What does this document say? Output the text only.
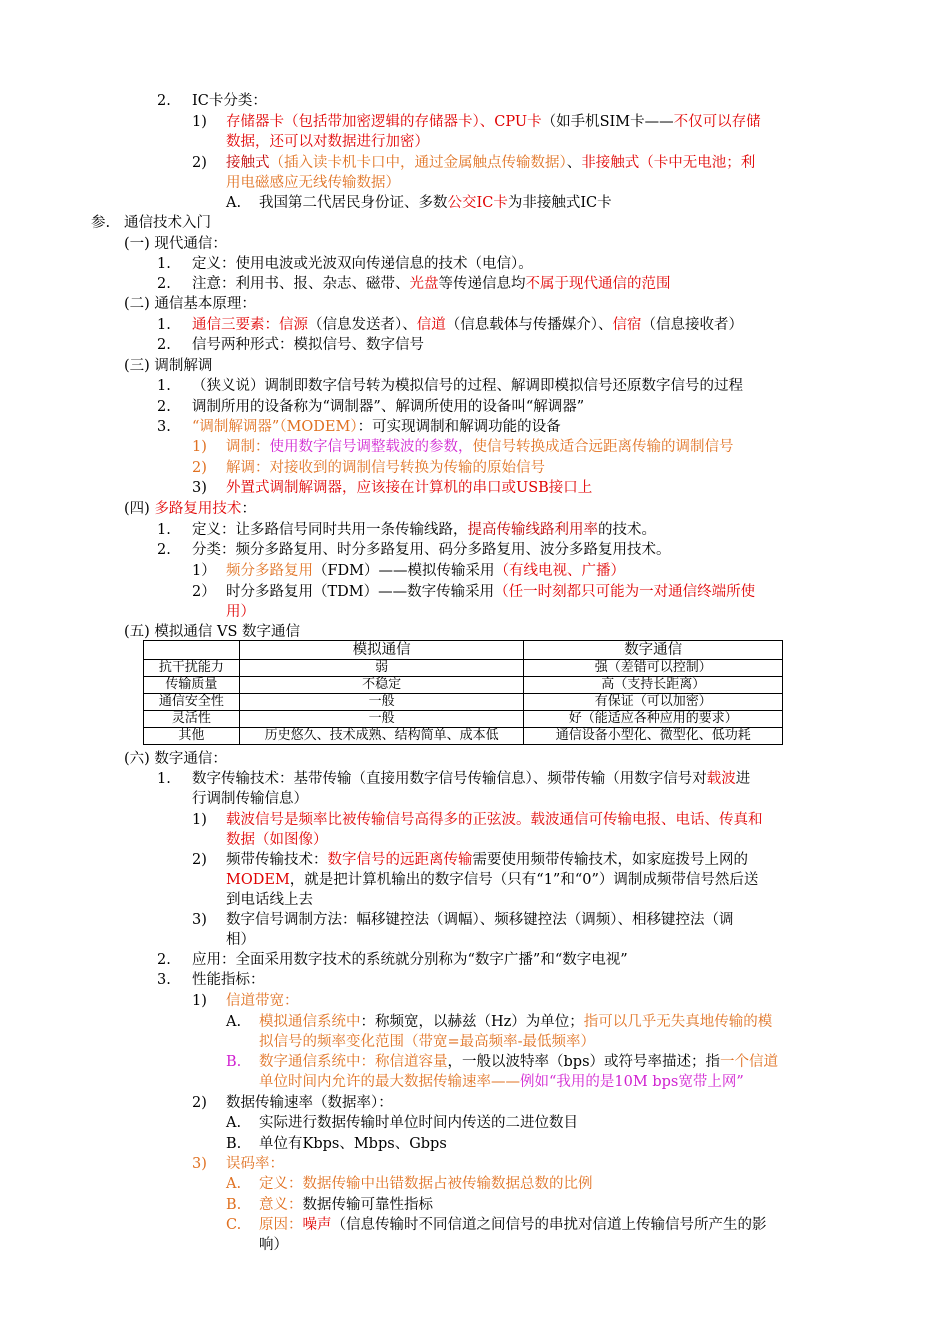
2. IC卡分类：
1) 存储器卡（包括带加密逻辑的存储器卡）、CPU卡（如手机SIM卡——不仅可以存储
数据，还可以对数据进行加密）
2) 接触式（插入读卡机卡口中，通过金属触点传输数据）、非接触式（卡中无电池；利
用电磁感应无线传输数据）
A. 我国第二代居民身份证、多数公交IC卡为非接触式IC卡
参. 通信技术入门
(一) 现代通信：
1. 定义：使用电波或光波双向传递信息的技术（电信）。
2. 注意：利用书、报、杂志、磁带、光盘等传递信息均不属于现代通信的范围
(二) 通信基本原理：
1. 通信三要素：信源（信息发送者）、信道（信息载体与传播媒介）、信宿（信息接收者）
2. 信号两种形式：模拟信号、数字信号
(三) 调制解调
1. （狭义说）调制即数字信号转为模拟信号的过程、解调即模拟信号还原数字信号的过程
2. 调制所用的设备称为“调制器”、解调所使用的设备叫“解调器”
3. “调制解调器”（MODEM）：可实现调制和解调功能的设备
1) 调制：使用数字信号调整载波的参数，使信号转换成适合远距离传输的调制信号
2) 解调：对接收到的调制信号转换为传输的原始信号
3) 外置式调制解调器，应该接在计算机的串口或USB接口上
(四) 多路复用技术：
1. 定义：让多路信号同时共用一条传输线路，提高传输线路利用率的技术。
2. 分类：频分多路复用、时分多路复用、码分多路复用、波分多路复用技术。
1） 频分多路复用（FDM）——模拟传输采用（有线电视、广播）
2） 时分多路复用（TDM）——数字传输采用（任一时刻都只可能为一对通信终端所使
用）
(五) 模拟通信 VS 数字通信
	模拟通信	数字通信
抗干扰能力	弱	强（差错可以控制）
传输质量	不稳定	高（支持长距离）
通信安全性	一般	有保证（可以加密）
灵活性	一般	好（能适应各种应用的要求）
其他	历史悠久、技术成熟、结构简单、成本低	通信设备小型化、微型化、低功耗
(六) 数字通信：
1. 数字传输技术：基带传输（直接用数字信号传输信息）、频带传输（用数字信号对载波进
行调制传输信息）
1) 载波信号是频率比被传输信号高得多的正弦波。载波通信可传输电报、电话、传真和
数据（如图像）
2) 频带传输技术：数字信号的远距离传输需要使用频带传输技术，如家庭拨号上网的
MODEM，就是把计算机输出的数字信号（只有“1”和“0”）调制成频带信号然后送
到电话线上去
3) 数字信号调制方法：幅移键控法（调幅）、频移键控法（调频）、相移键控法（调
相）
2. 应用：全面采用数字技术的系统就分别称为“数字广播”和“数字电视”
3. 性能指标：
1) 信道带宽：
A. 模拟通信系统中：称频宽，以赫兹（Hz）为单位；指可以几乎无失真地传输的模
拟信号的频率变化范围（带宽=最高频率-最低频率）
B. 数字通信系统中：称信道容量，一般以波特率（bps）或符号率描述；指一个信道
单位时间内允许的最大数据传输速率——例如“我用的是10M bps宽带上网”
2) 数据传输速率（数据率）：
A. 实际进行数据传输时单位时间内传送的二进位数目
B. 单位有Kbps、Mbps、Gbps
3) 误码率：
A. 定义：数据传输中出错数据占被传输数据总数的比例
B. 意义：数据传输可靠性指标
C. 原因：噪声（信息传输时不同信道之间信号的串扰对信道上传输信号所产生的影
响）
